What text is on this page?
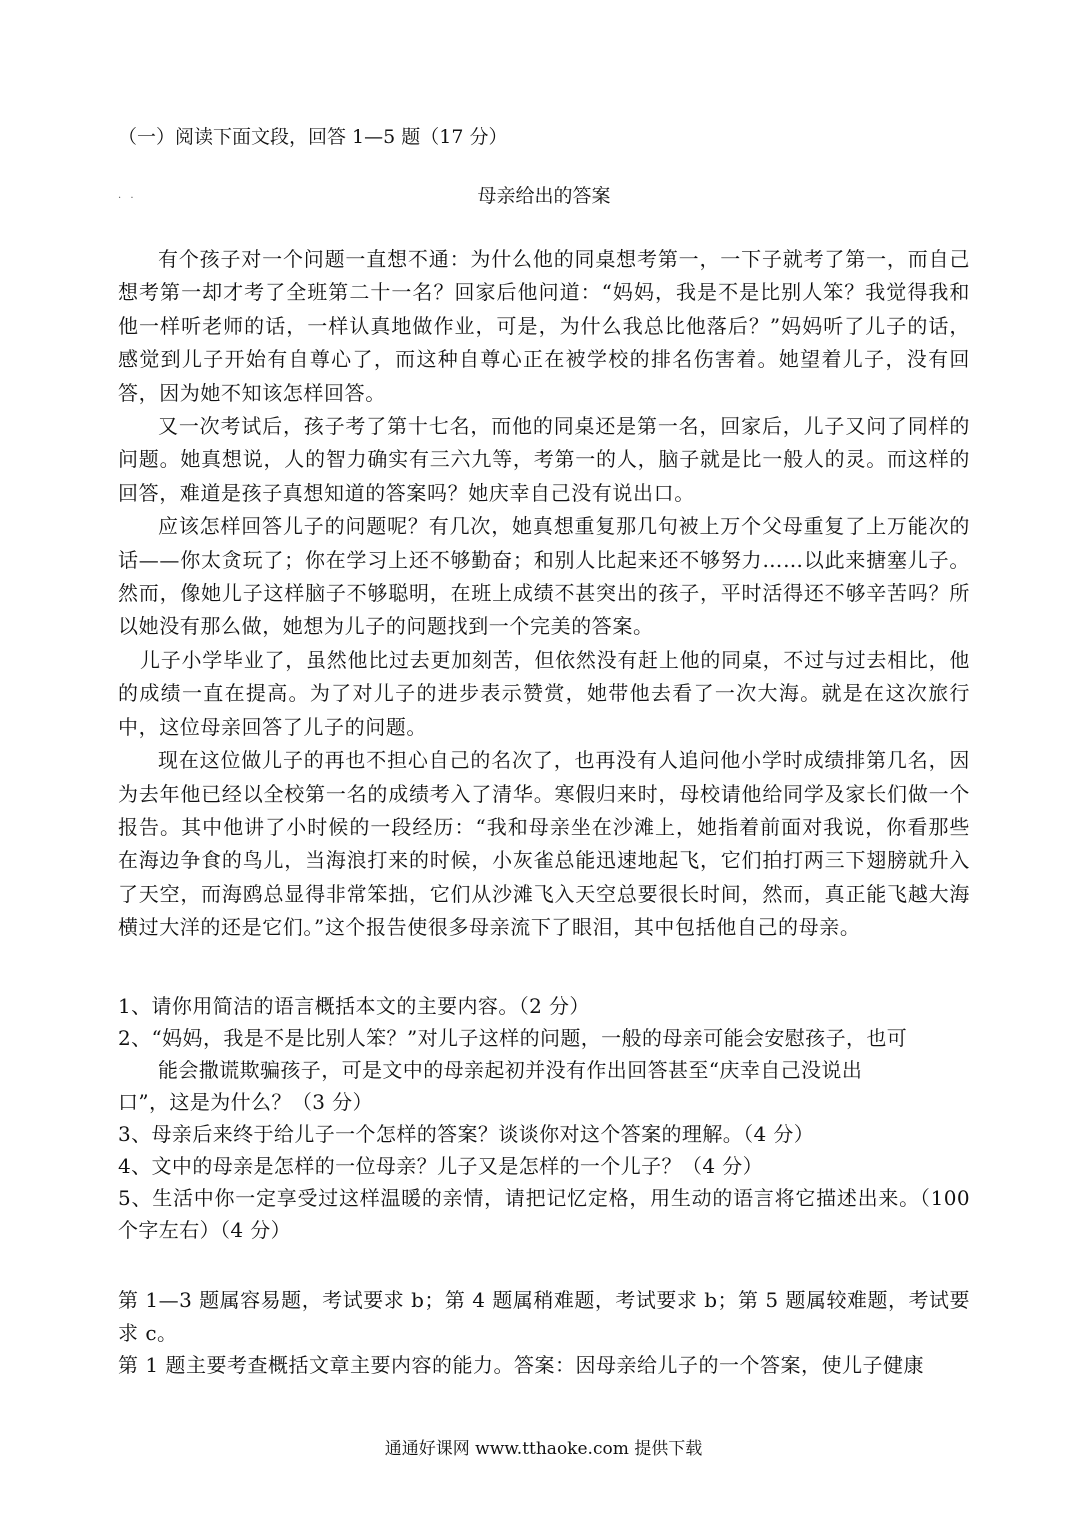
（一）阅读下面文段，回答 1—5 题（17 分）
. .	母亲给出的答案

有个孩子对一个问题一直想不通：为什么他的同桌想考第一，一下子就考了第一，而自己想考第一却才考了全班第二十一名？回家后他问道：“妈妈，我是不是比别人笨？我觉得我和他一样听老师的话，一样认真地做作业，可是，为什么我总比他落后？”妈妈听了儿子的话，感觉到儿子开始有自尊心了，而这种自尊心正在被学校的排名伤害着。她望着儿子，没有回答，因为她不知该怎样回答。

又一次考试后，孩子考了第十七名，而他的同桌还是第一名，回家后，儿子又问了同样的问题。她真想说，人的智力确实有三六九等，考第一的人，脑子就是比一般人的灵。而这样的回答，难道是孩子真想知道的答案吗？她庆幸自己没有说出口。

应该怎样回答儿子的问题呢？有几次，她真想重复那几句被上万个父母重复了上万能次的话——你太贪玩了；你在学习上还不够勤奋；和别人比起来还不够努力……以此来搪塞儿子。然而，像她儿子这样脑子不够聪明，在班上成绩不甚突出的孩子，平时活得还不够辛苦吗？所以她没有那么做，她想为儿子的问题找到一个完美的答案。

儿子小学毕业了，虽然他比过去更加刻苦，但依然没有赶上他的同桌，不过与过去相比，他的成绩一直在提高。为了对儿子的进步表示赞赏，她带他去看了一次大海。就是在这次旅行中，这位母亲回答了儿子的问题。

现在这位做儿子的再也不担心自己的名次了，也再没有人追问他小学时成绩排第几名，因为去年他已经以全校第一名的成绩考入了清华。寒假归来时，母校请他给同学及家长们做一个报告。其中他讲了小时候的一段经历：“我和母亲坐在沙滩上，她指着前面对我说，你看那些在海边争食的鸟儿，当海浪打来的时候，小灰雀总能迅速地起飞，它们拍打两三下翅膀就升入了天空，而海鸥总显得非常笨拙，它们从沙滩飞入天空总要很长时间，然而，真正能飞越大海横过大洋的还是它们。”这个报告使很多母亲流下了眼泪，其中包括他自己的母亲。

1、请你用简洁的语言概括本文的主要内容。（2 分）

2、“妈妈，我是不是比别人笨？”对儿子这样的问题，一般的母亲可能会安慰孩子，也可
能会撒谎欺骗孩子，可是文中的母亲起初并没有作出回答甚至“庆幸自己没说出
口”，这是为什么？（3 分）

3、母亲后来终于给儿子一个怎样的答案？谈谈你对这个答案的理解。（4 分）

4、文中的母亲是怎样的一位母亲？儿子又是怎样的一个儿子？（4 分）

5、生活中你一定享受过这样温暖的亲情，请把记忆定格，用生动的语言将它描述出来。（100 个字左右）（4 分）

第 1—3 题属容易题，考试要求 b；第 4 题属稍难题，考试要求 b；第 5 题属较难题，考试要求 c。

第 1 题主要考查概括文章主要内容的能力。答案：因母亲给儿子的一个答案，使儿子健康

通通好课网 www.tthaoke.com 提供下载
